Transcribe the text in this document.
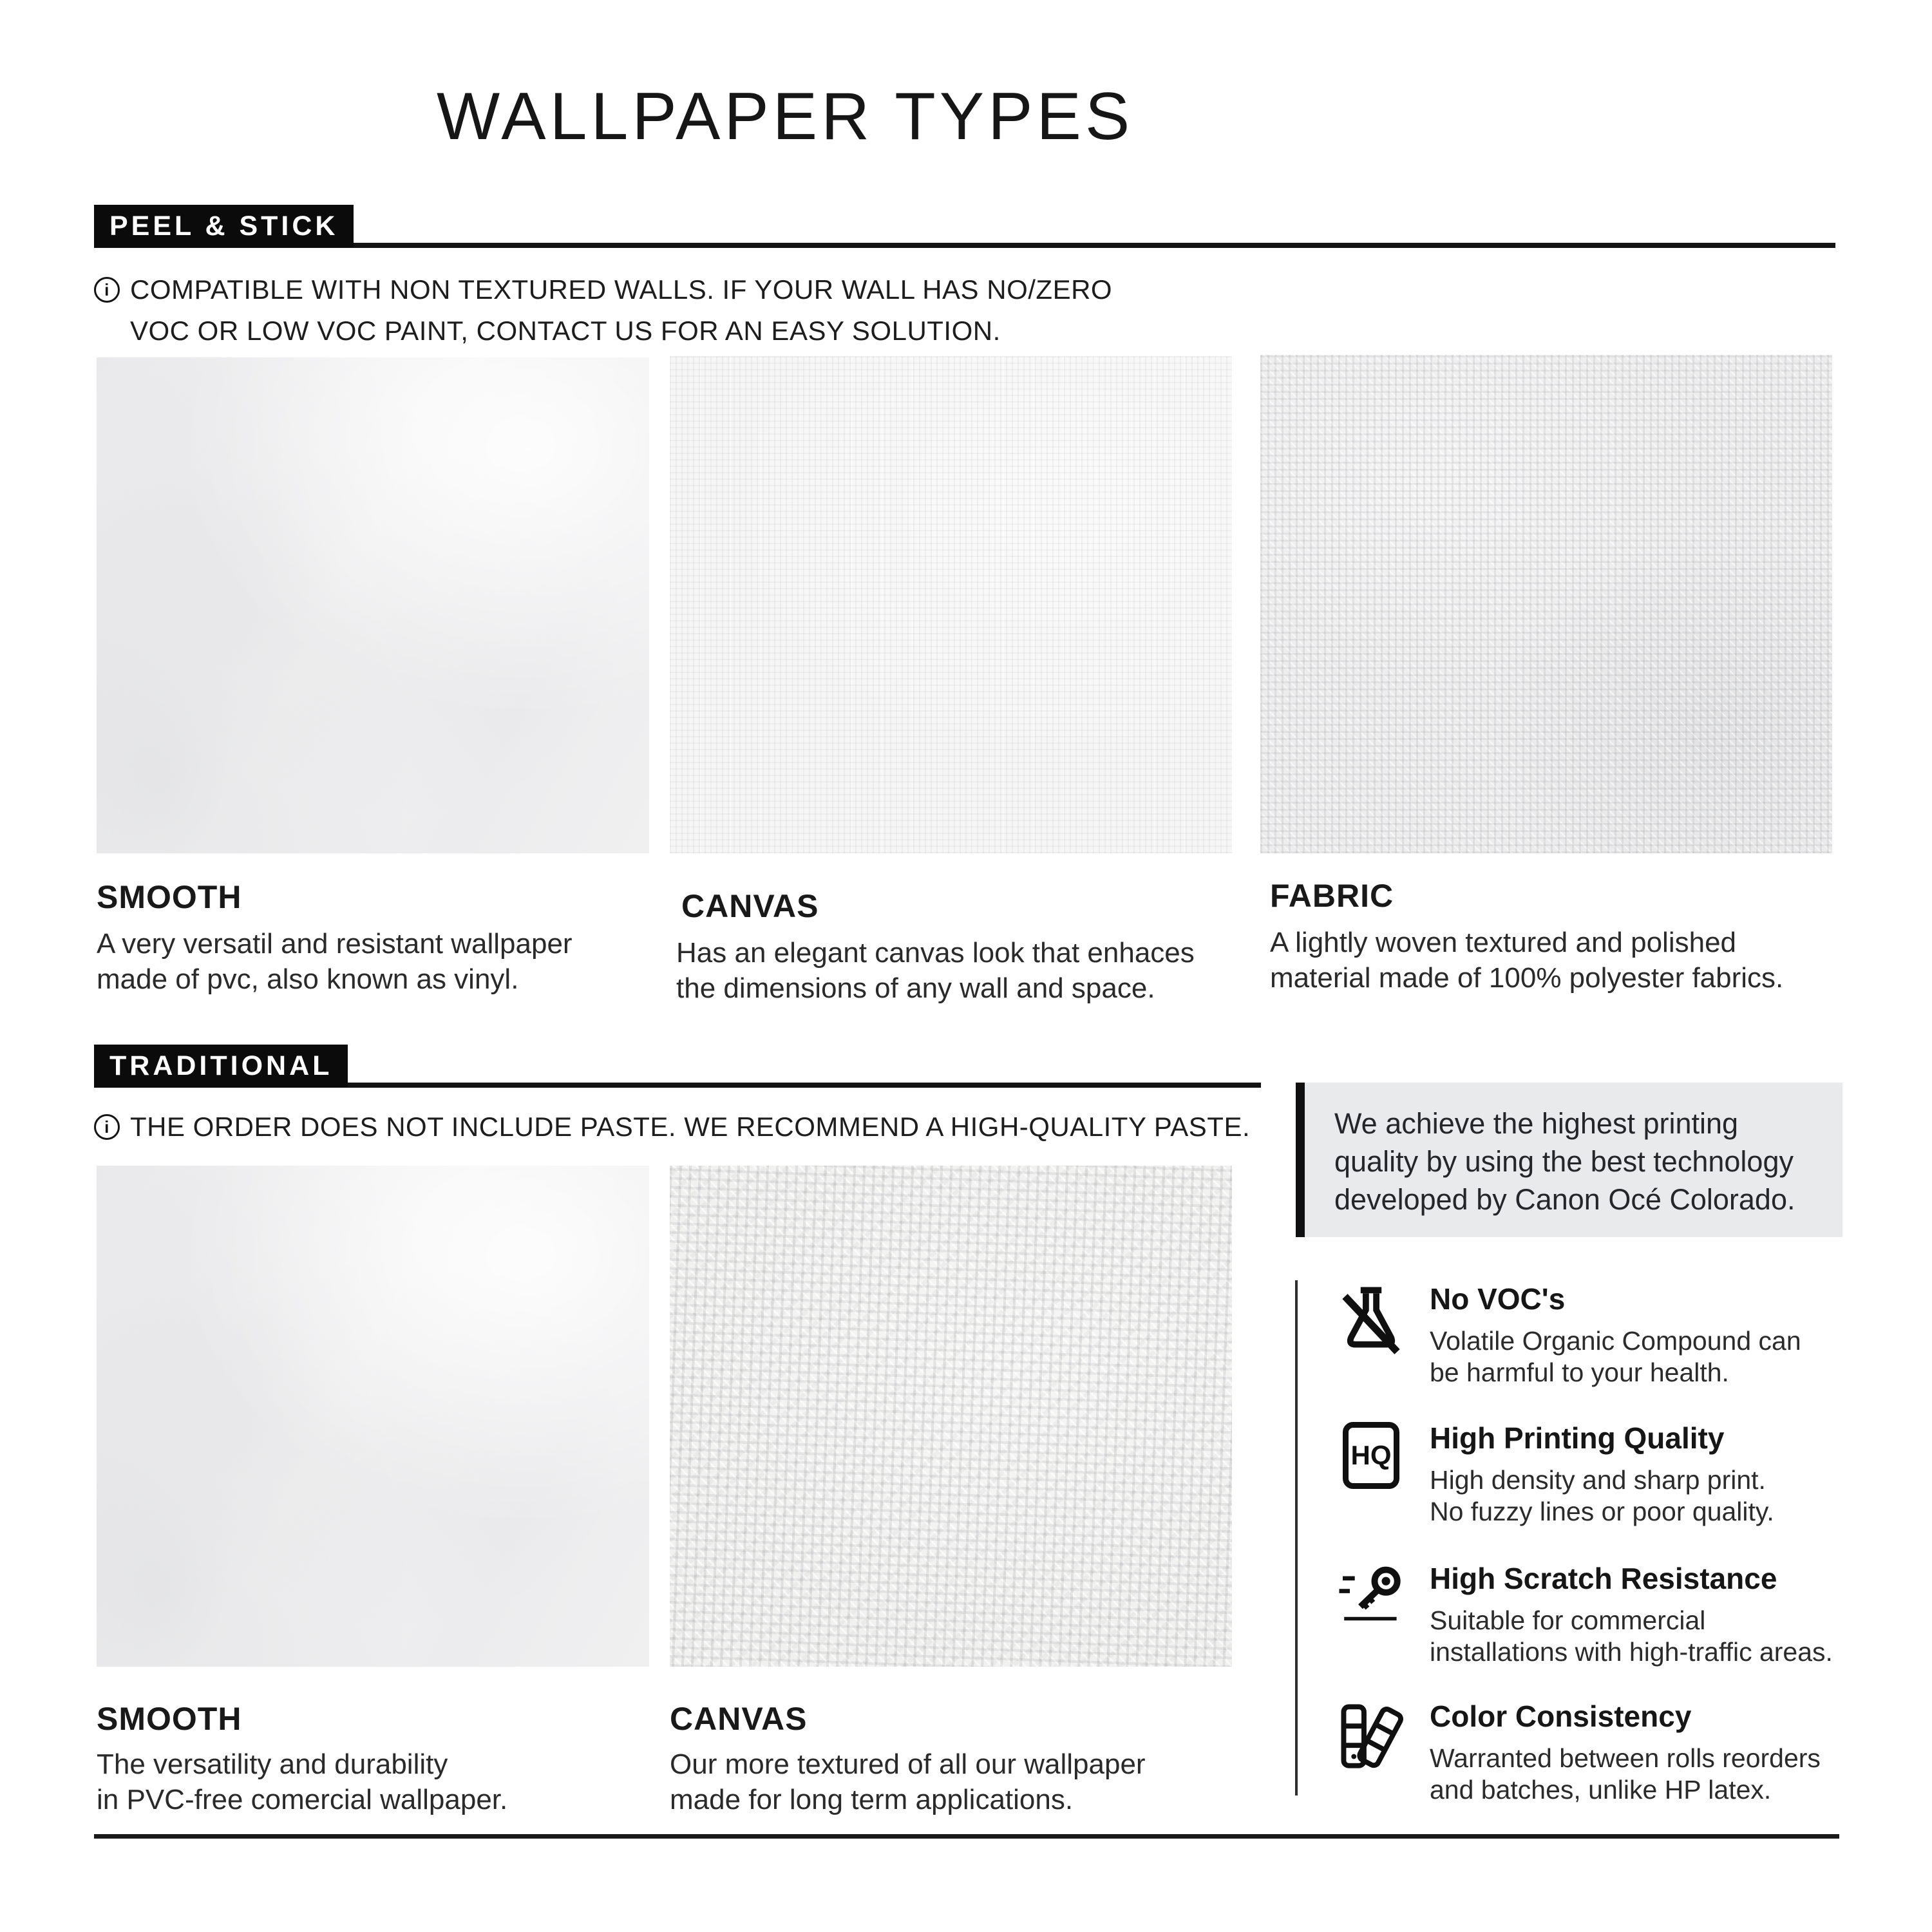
WALLPAPER TYPES
PEEL & STICK
i COMPATIBLE WITH NON TEXTURED WALLS. IF YOUR WALL HAS NO/ZERO
VOC OR LOW VOC PAINT, CONTACT US FOR AN EASY SOLUTION.
SMOOTH
A very versatil and resistant wallpaper
made of pvc, also known as vinyl.
CANVAS
Has an elegant canvas look that enhaces
the dimensions of any wall and space.
FABRIC
A lightly woven textured and polished
material made of 100% polyester fabrics.
TRADITIONAL
i THE ORDER DOES NOT INCLUDE PASTE. WE RECOMMEND A HIGH-QUALITY PASTE.
SMOOTH
The versatility and durability
in PVC-free comercial wallpaper.
CANVAS
Our more textured of all our wallpaper
made for long term applications.
We achieve the highest printing
quality by using the best technology
developed by Canon Océ Colorado.
No VOC's
Volatile Organic Compound can
be harmful to your health.
HQ
High Printing Quality
High density and sharp print.
No fuzzy lines or poor quality.
High Scratch Resistance
Suitable for commercial
installations with high-traffic areas.
Color Consistency
Warranted between rolls reorders
and batches, unlike HP latex.
